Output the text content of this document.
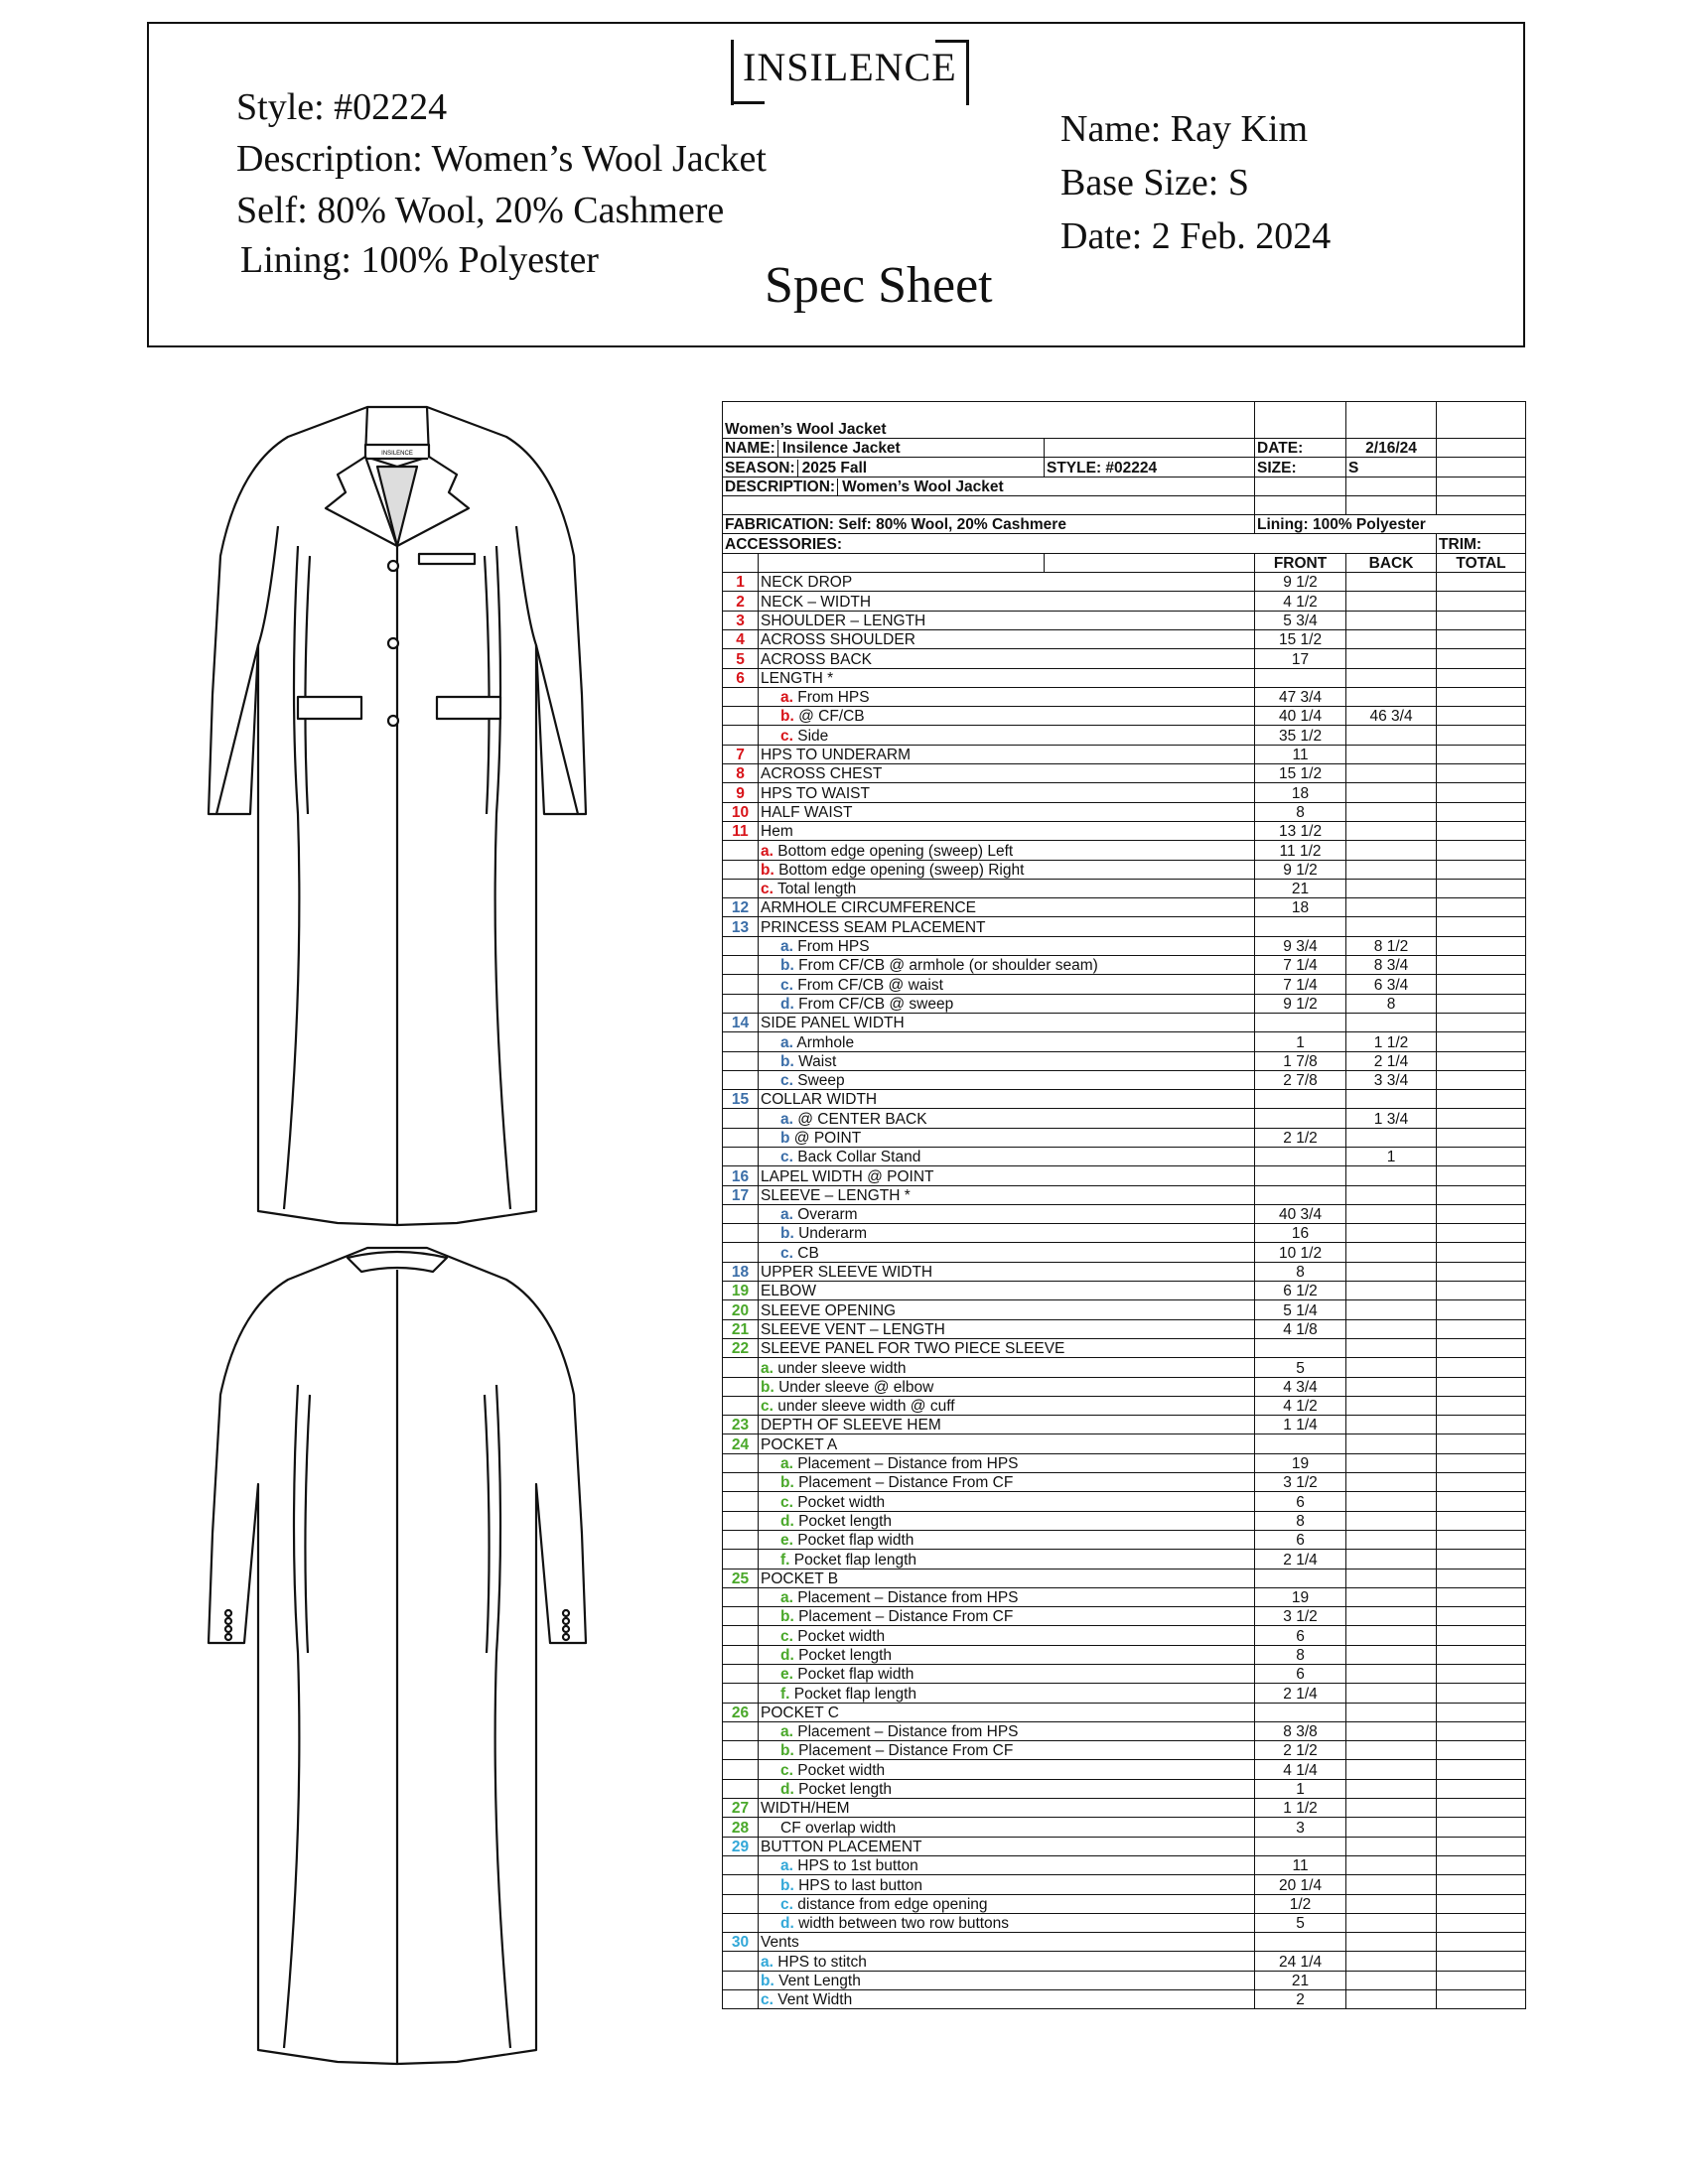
INSILENCE
Style: #02224
Description: Women’s Wool Jacket
Self: 80% Wool, 20% Cashmere
Lining: 100% Polyester
Name: Ray Kim
Base Size: S
Date: 2 Feb. 2024
Spec Sheet
INSILENCE
Women’s Wool Jacket					
NAME: Insilence Jacket			DATE:	2/16/24	
SEASON: 2025 Fall		STYLE: #02224	SIZE:	S	
DESCRIPTION: Women’s Wool Jacket					

FABRICATION: Self: 80% Wool, 20% Cashmere			Lining: 100% Polyester		
ACCESSORIES:					TRIM:
			FRONT	BACK	TOTAL
1	NECK DROP		9 1/2		
2	NECK – WIDTH		4 1/2		
3	SHOULDER – LENGTH		5 3/4		
4	ACROSS SHOULDER		15 1/2		
5	ACROSS BACK		17		
6	LENGTH *				
	a. From HPS		47 3/4		
	b. @ CF/CB		40 1/4	46 3/4	
	c. Side		35 1/2		
7	HPS TO UNDERARM		11		
8	ACROSS CHEST		15 1/2		
9	HPS TO WAIST		18		
10	HALF WAIST		8		
11	Hem		13 1/2		
	a. Bottom edge opening (sweep) Left		11 1/2		
	b. Bottom edge opening (sweep) Right		9 1/2		
	c. Total length		21		
12	ARMHOLE CIRCUMFERENCE		18		
13	PRINCESS SEAM PLACEMENT				
	a. From HPS		9 3/4	8 1/2	
	b. From CF/CB @ armhole (or shoulder seam)		7 1/4	8 3/4	
	c. From CF/CB @ waist		7 1/4	6 3/4	
	d. From CF/CB @ sweep		9 1/2	8	
14	SIDE PANEL WIDTH				
	a. Armhole		1	1 1/2	
	b. Waist		1 7/8	2 1/4	
	c. Sweep		2 7/8	3 3/4	
15	COLLAR WIDTH				
	a. @ CENTER BACK			1 3/4	
	b @ POINT		2 1/2		
	c. Back Collar Stand			1	
16	LAPEL WIDTH @ POINT				
17	SLEEVE – LENGTH *				
	a. Overarm		40 3/4		
	b. Underarm		16		
	c. CB		10 1/2		
18	UPPER SLEEVE WIDTH		8		
19	ELBOW		6 1/2		
20	SLEEVE OPENING		5 1/4		
21	SLEEVE VENT – LENGTH		4 1/8		
22	SLEEVE PANEL FOR TWO PIECE SLEEVE				
	a. under sleeve width		5		
	b. Under sleeve @ elbow		4 3/4		
	c. under sleeve width @ cuff		4 1/2		
23	DEPTH OF SLEEVE HEM		1 1/4		
24	POCKET A				
	a. Placement – Distance from HPS		19		
	b. Placement – Distance From CF		3 1/2		
	c. Pocket width		6		
	d. Pocket length		8		
	e. Pocket flap width		6		
	f. Pocket flap length		2 1/4		
25	POCKET B				
	a. Placement – Distance from HPS		19		
	b. Placement – Distance From CF		3 1/2		
	c. Pocket width		6		
	d. Pocket length		8		
	e. Pocket flap width		6		
	f. Pocket flap length		2 1/4		
26	POCKET C				
	a. Placement – Distance from HPS		8 3/8		
	b. Placement – Distance From CF		2 1/2		
	c. Pocket width		4 1/4		
	d. Pocket length		1		
27	WIDTH/HEM		1 1/2		
28	CF overlap width		3		
29	BUTTON PLACEMENT				
	a. HPS to 1st button		11		
	b. HPS to last button		20 1/4		
	c. distance from edge opening		1/2		
	d. width between two row buttons		5		
30	Vents				
	a. HPS to stitch		24 1/4		
	b. Vent Length		21		
	c. Vent Width		2		
